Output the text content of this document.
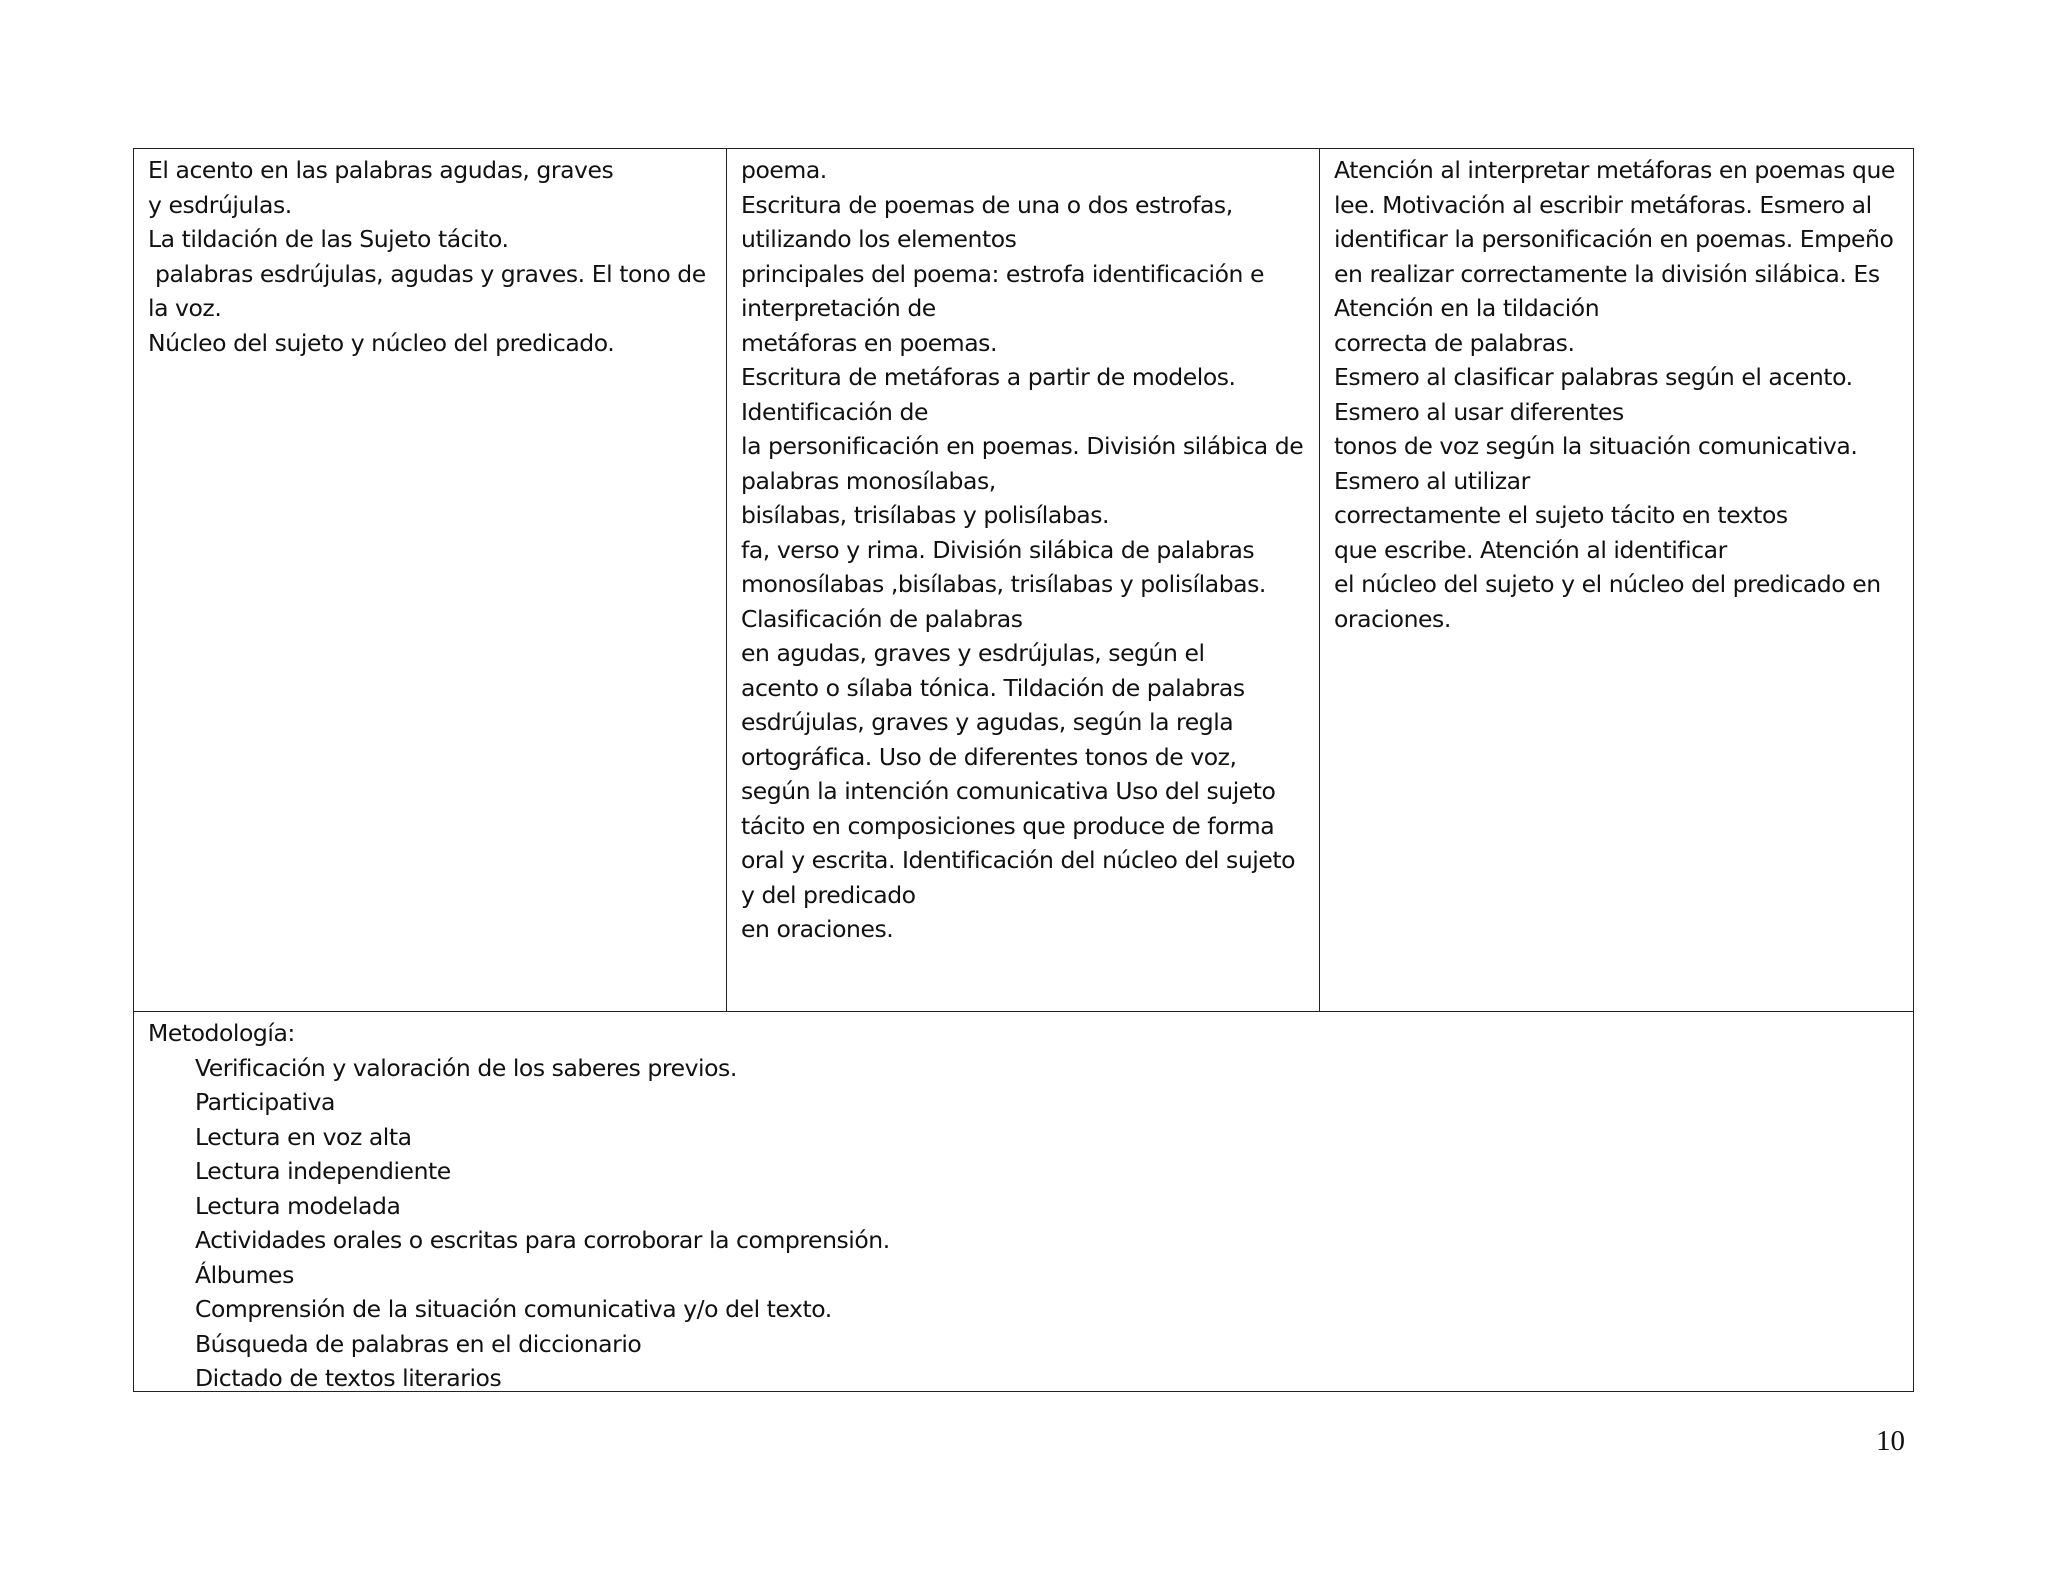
El acento en las palabras agudas, graves
y esdrújulas.
La tildación de las Sujeto tácito.
palabras esdrújulas, agudas y graves. El tono de
la voz.
Núcleo del sujeto y núcleo del predicado.
poema.
Escritura de poemas de una o dos estrofas,
utilizando los elementos
principales del poema: estrofa identificación e
interpretación de
metáforas en poemas.
Escritura de metáforas a partir de modelos.
Identificación de
la personificación en poemas. División silábica de
palabras monosílabas,
bisílabas, trisílabas y polisílabas.
fa, verso y rima. División silábica de palabras
monosílabas ,bisílabas, trisílabas y polisílabas.
Clasificación de palabras
en agudas, graves y esdrújulas, según el
acento o sílaba tónica. Tildación de palabras
esdrújulas, graves y agudas, según la regla
ortográfica. Uso de diferentes tonos de voz,
según la intención comunicativa Uso del sujeto
tácito en composiciones que produce de forma
oral y escrita. Identificación del núcleo del sujeto
y del predicado
en oraciones.
Atención al interpretar metáforas en poemas que
lee. Motivación al escribir metáforas. Esmero al
identificar la personificación en poemas. Empeño
en realizar correctamente la división silábica. Es
Atención en la tildación
correcta de palabras.
Esmero al clasificar palabras según el acento.
Esmero al usar diferentes
tonos de voz según la situación comunicativa.
Esmero al utilizar
correctamente el sujeto tácito en textos
que escribe. Atención al identificar
el núcleo del sujeto y el núcleo del predicado en
oraciones.
Metodología:
Verificación y valoración de los saberes previos.
Participativa
Lectura en voz alta
Lectura independiente
Lectura modelada
Actividades orales o escritas para corroborar la comprensión.
Álbumes
Comprensión de la situación comunicativa y/o del texto.
Búsqueda de palabras en el diccionario
Dictado de textos literarios
10
